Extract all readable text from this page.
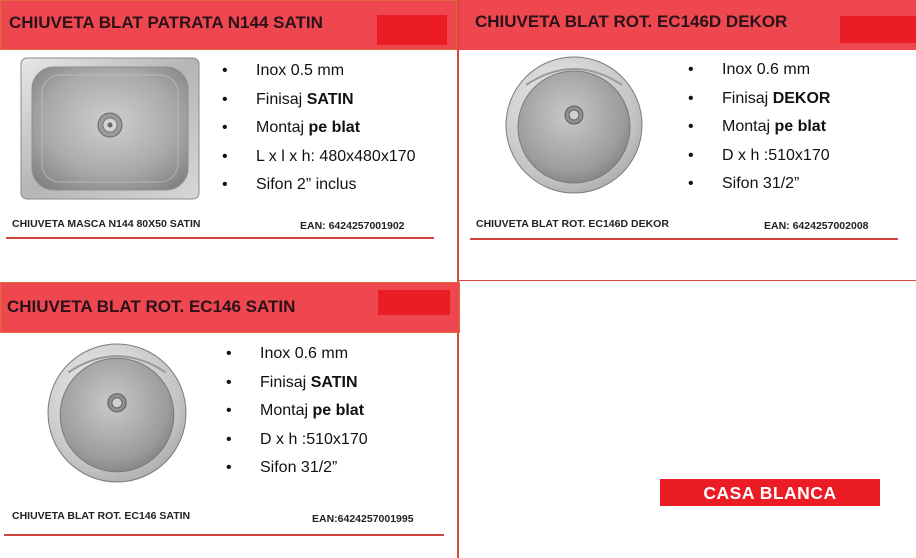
CHIUVETA BLAT PATRATA N144 SATIN
• Inox 0.5 mm
• Finisaj SATIN
• Montaj pe blat
• L x l x h: 480x480x170
• Sifon 2” inclus
CHIUVETA MASCA N144 80X50 SATIN	EAN: 6424257001902
CHIUVETA BLAT ROT. EC146D DEKOR
• Inox 0.6 mm
• Finisaj DEKOR
• Montaj pe blat
• D x h :510x170
• Sifon 31/2”
CHIUVETA BLAT ROT. EC146D DEKOR	EAN: 6424257002008
CHIUVETA BLAT ROT. EC146 SATIN
• Inox 0.6 mm
• Finisaj SATIN
• Montaj pe blat
• D x h :510x170
• Sifon 31/2”
CHIUVETA BLAT ROT. EC146 SATIN	EAN:6424257001995
CASA BLANCA
